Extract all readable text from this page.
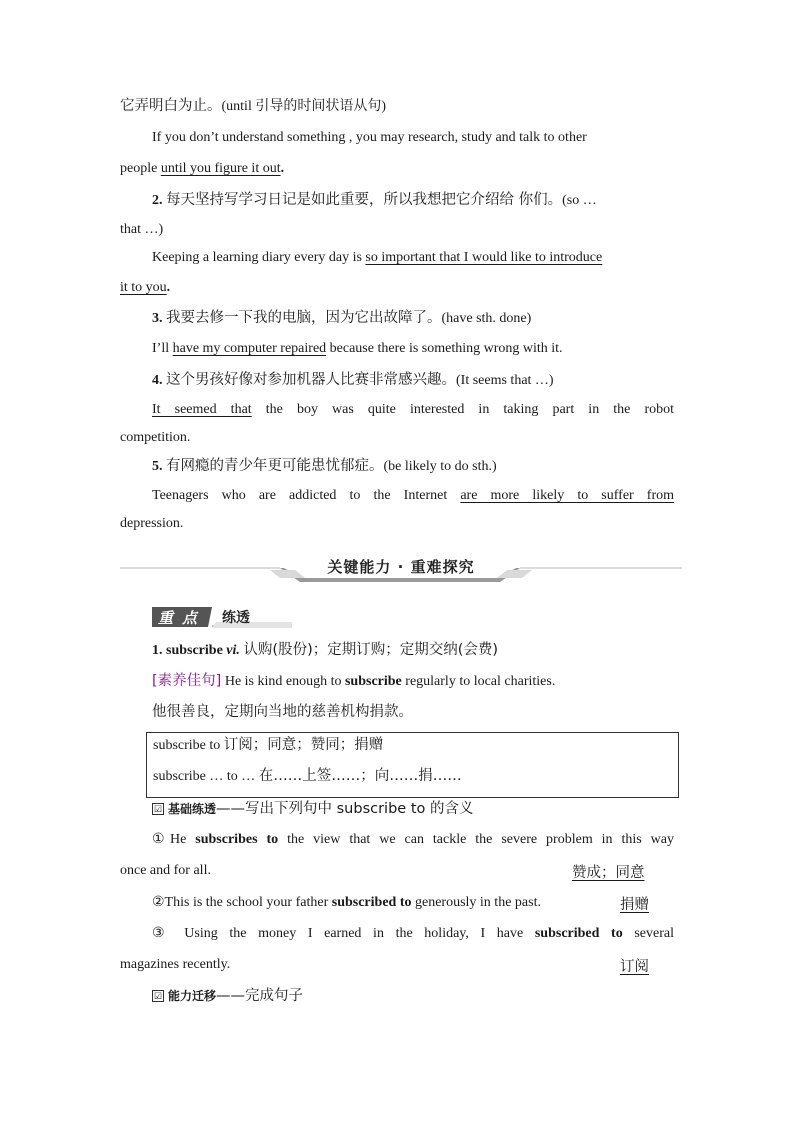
它弄明白为止。(until 引导的时间状语从句)
If you don’t understand something , you may research, study and talk to other
people until you figure it out.
2. 每天坚持写学习日记是如此重要，所以我想把它介绍给 你们。(so …
that …)
Keeping a learning diary every day is so important that I would like to introduce
it to you.
3. 我要去修一下我的电脑，因为它出故障了。(have sth. done)
I’ll have my computer repaired because there is something wrong with it.
4. 这个男孩好像对参加机器人比赛非常感兴趣。(It seems that …)
It seemed that the boy was quite interested in taking part in the robot
competition.
5. 有网瘾的青少年更可能患忧郁症。(be likely to do sth.)
Teenagers who are addicted to the Internet are more likely to suffer from
depression.
关键能力 · 重难探究
重 点 练透
1. subscribe vi. 认购(股份)；定期订购；定期交纳(会费)
[素养佳句] He is kind enough to subscribe regularly to local charities.
他很善良，定期向当地的慈善机构捐款。
subscribe to 订阅；同意；赞同；捐赠
subscribe … to … 在……上签……；向……捐……
☑ 基础练透——写出下列句中 subscribe to 的含义
①He subscribes to the view that we can tackle the severe problem in this way
once and for all.	赞成；同意
②This is the school your father subscribed to generously in the past.	捐赠
③ Using the money I earned in the holiday, I have subscribed to several
magazines recently.	订阅
☑ 能力迁移——完成句子
